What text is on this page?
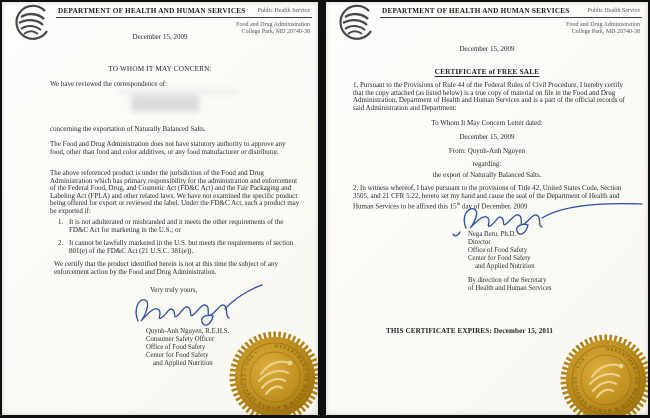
DEPARTMENT OF HEALTH AND HUMAN SERVICES Public Health Service
Food and Drug Administration
College Park, MD 20740-38
December 15, 2009
TO WHOM IT MAY CONCERN:
We have reviewed the correspondence of:
concerning the exportation of Naturally Balanced Salts.
The Food and Drug Administration does not have statutory authority to approve any food, other than food and color additives, or any food manufacturer or distributor.
The above referenced product is under the jurisdiction of the Food and Drug Administration which has primary responsibility for the administration and enforcement of the Federal Food, Drug, and Cosmetic Act (FD&C Act) and the Fair Packaging and Labeling Act (FPLA) and other related laws. We have not examined the specific product being offered for export or reviewed the label. Under the FD&C Act, such a product may be exported if:
1. It is not adulterated or misbranded and it meets the other requirements of the FD&C Act for marketing in the U.S.; or
2. It cannot be lawfully marketed in the U.S. but meets the requirements of section 801(e) of the FD&C Act (21 U.S.C. 381(e)).
We certify that the product identified herein is not at this time the subject of any enforcement action by the Food and Drug Administration.
Very truly yours,
Quynh-Anh Nguyen, R.E.H.S.
Consumer Safety Officer
Office of Food Safety
Center for Food Safety
and Applied Nutrition
DEPARTMENT OF HEALTH & HUMAN SERVICES • USA •
DEPARTMENT OF HEALTH AND HUMAN SERVICES	Public Health Service
Food and Drug Administration
College Park, MD 20740-38
December 15, 2009
CERTIFICATE of FREE SALE
1. Pursuant to the Provisions of Rule 44 of the Federal Rules of Civil Procedure, I hereby certify that the copy attached (as listed below) is a true copy of material on file in the Food and Drug Administration, Department of Health and Human Services and is a part of the official records of said Administration and Department:
To Whom It May Concern Letter dated:
December 15, 2009
From: Quynh-Anh Nguyen
regarding:
the export of Naturally Balanced Salts.
2. In witness whereof, I have pursuant to the provisions of Title 42, United States Code, Section 3505, and 21 CFR 5.22, hereto set my hand and cause the seal of the Department of Health and Human Services to be affixed this 15th day of December, 2009
Nega Beru, Ph.D.
Director
Office of Food Safety
Center for Food Safety
and Applied Nutrition
By direction of the Secretary
of Health and Human Services
THIS CERTIFICATE EXPIRES: December 15, 2011
DEPARTMENT OF HEALTH & HUMAN SERVICES • USA •
